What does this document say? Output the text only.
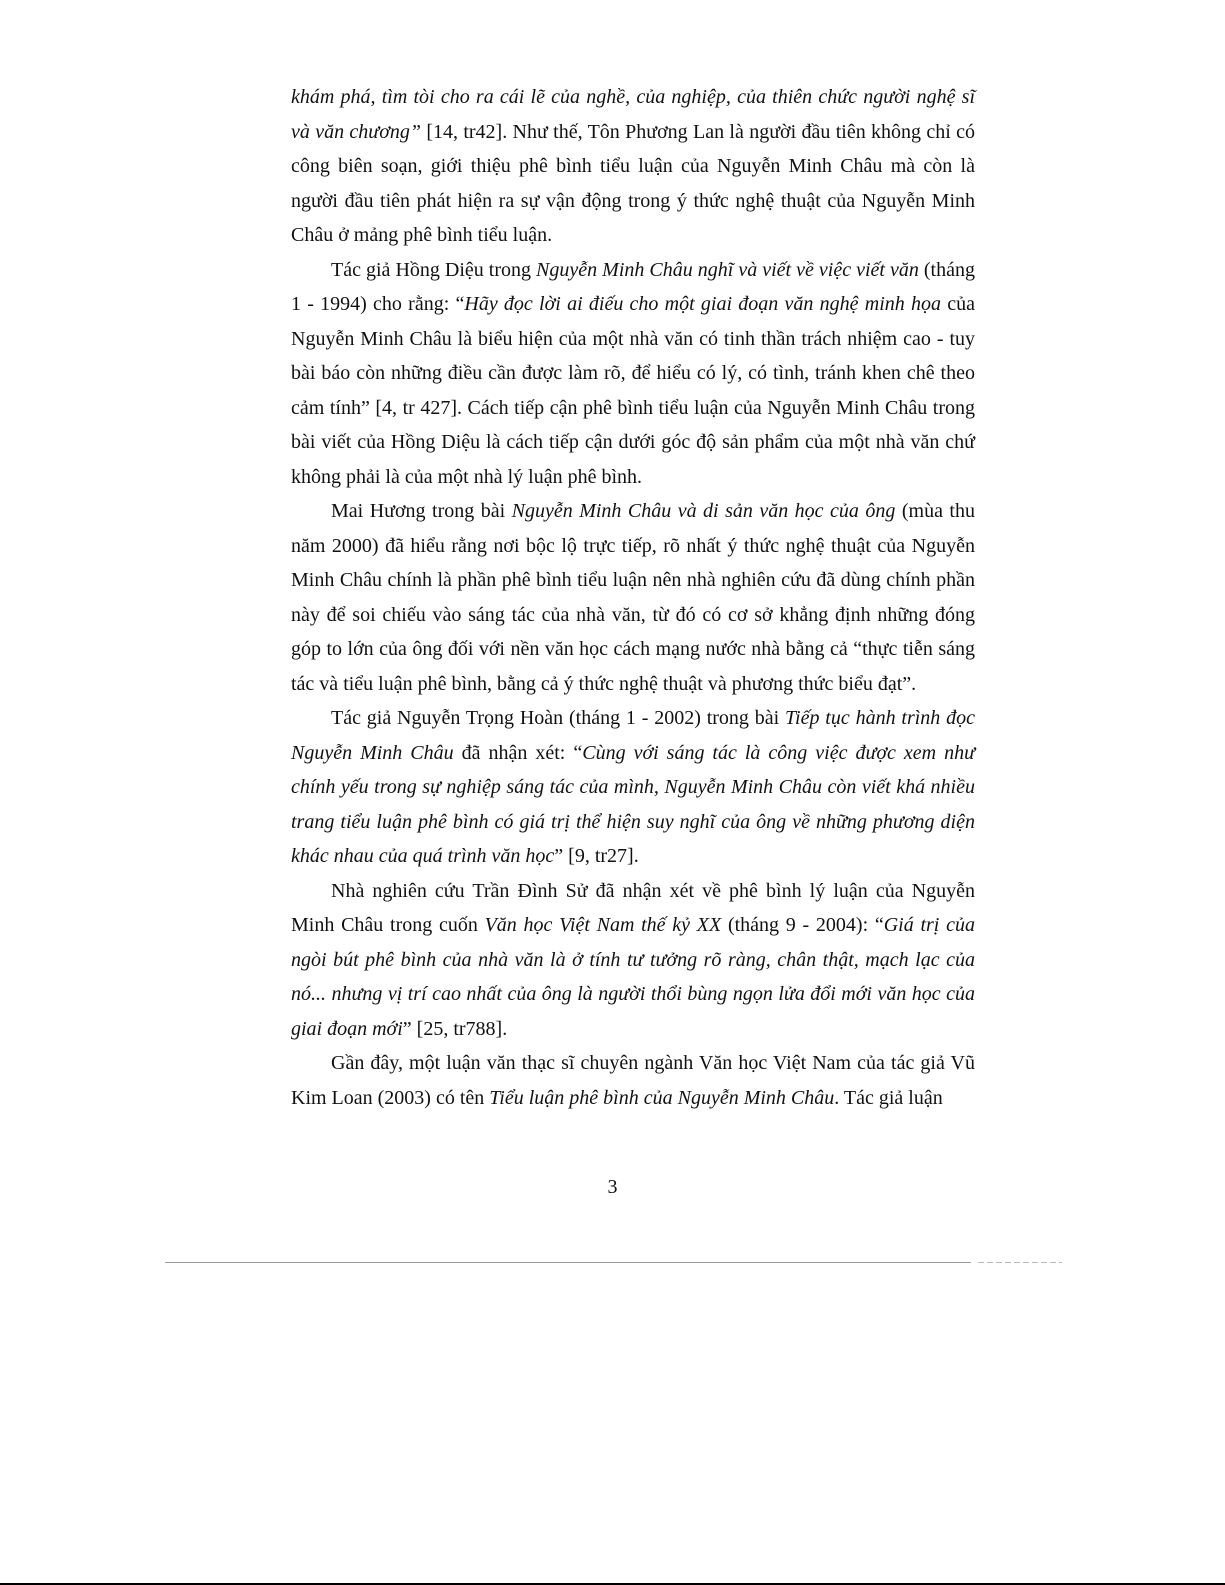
khám phá, tìm tòi cho ra cái lẽ của nghề, của nghiệp, của thiên chức người nghệ sĩ và văn chương” [14, tr42]. Như thế, Tôn Phương Lan là người đầu tiên không chỉ có công biên soạn, giới thiệu phê bình tiểu luận của Nguyễn Minh Châu mà còn là người đầu tiên phát hiện ra sự vận động trong ý thức nghệ thuật của Nguyễn Minh Châu ở mảng phê bình tiểu luận.

Tác giả Hồng Diệu trong Nguyễn Minh Châu nghĩ và viết về việc viết văn (tháng 1 - 1994) cho rằng: “Hãy đọc lời ai điếu cho một giai đoạn văn nghệ minh họa của Nguyễn Minh Châu là biểu hiện của một nhà văn có tinh thần trách nhiệm cao - tuy bài báo còn những điều cần được làm rõ, để hiểu có lý, có tình, tránh khen chê theo cảm tính” [4, tr 427]. Cách tiếp cận phê bình tiểu luận của Nguyễn Minh Châu trong bài viết của Hồng Diệu là cách tiếp cận dưới góc độ sản phẩm của một nhà văn chứ không phải là của một nhà lý luận phê bình.

Mai Hương trong bài Nguyễn Minh Châu và di sản văn học của ông (mùa thu năm 2000) đã hiểu rằng nơi bộc lộ trực tiếp, rõ nhất ý thức nghệ thuật của Nguyễn Minh Châu chính là phần phê bình tiểu luận nên nhà nghiên cứu đã dùng chính phần này để soi chiếu vào sáng tác của nhà văn, từ đó có cơ sở khẳng định những đóng góp to lớn của ông đối với nền văn học cách mạng nước nhà bằng cả “thực tiễn sáng tác và tiểu luận phê bình, bằng cả ý thức nghệ thuật và phương thức biểu đạt”.

Tác giả Nguyễn Trọng Hoàn (tháng 1 - 2002) trong bài Tiếp tục hành trình đọc Nguyễn Minh Châu đã nhận xét: “Cùng với sáng tác là công việc được xem như chính yếu trong sự nghiệp sáng tác của mình, Nguyễn Minh Châu còn viết khá nhiều trang tiểu luận phê bình có giá trị thể hiện suy nghĩ của ông về những phương diện khác nhau của quá trình văn học” [9, tr27].

Nhà nghiên cứu Trần Đình Sử đã nhận xét về phê bình lý luận của Nguyễn Minh Châu trong cuốn Văn học Việt Nam thế kỷ XX (tháng 9 - 2004): “Giá trị của ngòi bút phê bình của nhà văn là ở tính tư tưởng rõ ràng, chân thật, mạch lạc của nó... nhưng vị trí cao nhất của ông là người thổi bùng ngọn lửa đổi mới văn học của giai đoạn mới” [25, tr788].

Gần đây, một luận văn thạc sĩ chuyên ngành Văn học Việt Nam của tác giả Vũ Kim Loan (2003) có tên Tiểu luận phê bình của Nguyễn Minh Châu. Tác giả luận

3
